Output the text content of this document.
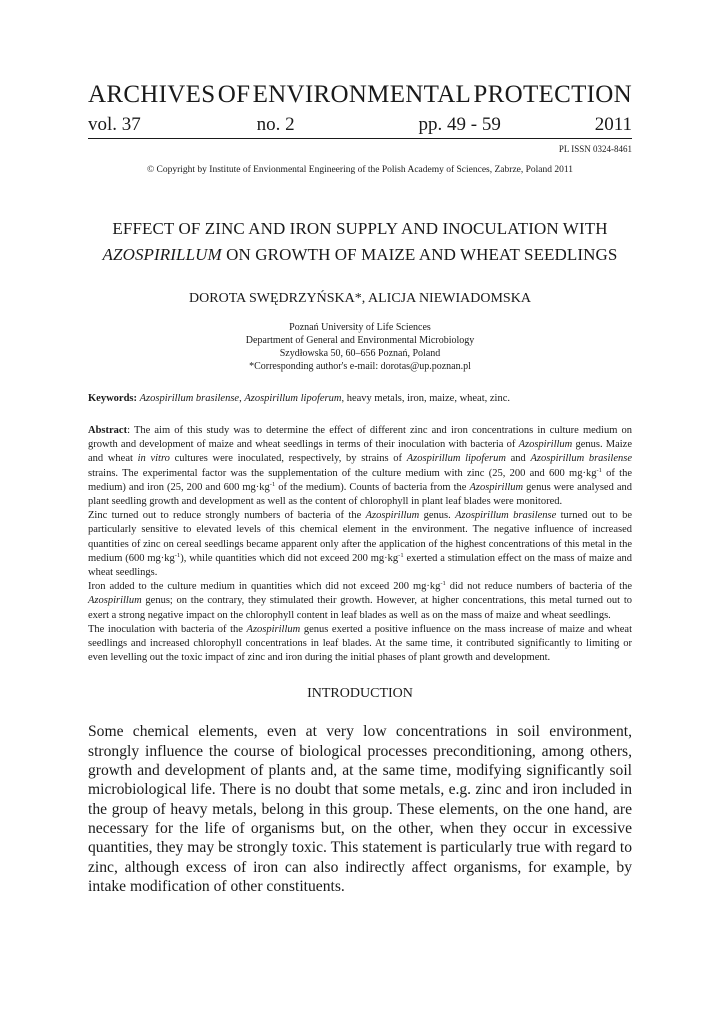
ARCHIVES OF ENVIRONMENTAL PROTECTION
vol. 37	no. 2	pp. 49 - 59	2011
PL ISSN 0324-8461
© Copyright by Institute of Envionmental Engineering of the Polish Academy of Sciences, Zabrze, Poland 2011
EFFECT OF ZINC AND IRON SUPPLY AND INOCULATION WITH
AZOSPIRILLUM ON GROWTH OF MAIZE AND WHEAT SEEDLINGS
DOROTA SWĘDRZYŃSKA*, ALICJA NIEWIADOMSKA
Poznań University of Life Sciences
Department of General and Environmental Microbiology
Szydłowska 50, 60–656 Poznań, Poland
*Corresponding author's e-mail: dorotas@up.poznan.pl
Keywords: Azospirillum brasilense, Azospirillum lipoferum, heavy metals, iron, maize, wheat, zinc.

Abstract: The aim of this study was to determine the effect of different zinc and iron concentrations in culture medium on growth and development of maize and wheat seedlings in terms of their inoculation with bacteria of Azospirillum genus. Maize and wheat in vitro cultures were inoculated, respectively, by strains of Azospirillum lipoferum and Azospirillum brasilense strains. The experimental factor was the supplementation of the culture medium with zinc (25, 200 and 600 $mg\cdot kg^{-1}$ of the medium) and iron (25, 200 and 600 $mg\cdot kg^{-1}$ of the medium). Counts of bacteria from the Azospirillum genus were analysed and plant seedling growth and development as well as the content of chlorophyll in plant leaf blades were monitored.

Zinc turned out to reduce strongly numbers of bacteria of the Azospirillum genus. Azospirillum brasilense turned out to be particularly sensitive to elevated levels of this chemical element in the environment. The negative influence of increased quantities of zinc on cereal seedlings became apparent only after the application of the highest concentrations of this metal in the medium (600 $mg\cdot kg^{-1}$), while quantities which did not exceed 200 $mg\cdot kg^{-1}$ exerted a stimulation effect on the mass of maize and wheat seedlings.

Iron added to the culture medium in quantities which did not exceed 200 $mg\cdot kg^{-1}$ did not reduce numbers of bacteria of the Azospirillum genus; on the contrary, they stimulated their growth. However, at higher concentrations, this metal turned out to exert a strong negative impact on the chlorophyll content in leaf blades as well as on the mass of maize and wheat seedlings.

The inoculation with bacteria of the Azospirillum genus exerted a positive influence on the mass increase of maize and wheat seedlings and increased chlorophyll concentrations in leaf blades. At the same time, it contributed significantly to limiting or even levelling out the toxic impact of zinc and iron during the initial phases of plant growth and development.

INTRODUCTION

Some chemical elements, even at very low concentrations in soil environment, strongly influence the course of biological processes preconditioning, among others, growth and development of plants and, at the same time, modifying significantly soil microbiological life. There is no doubt that some metals, e.g. zinc and iron included in the group of heavy metals, belong in this group. These elements, on the one hand, are necessary for the life of organisms but, on the other, when they occur in excessive quantities, they may be strongly toxic. This statement is particularly true with regard to zinc, although excess of iron can also indirectly affect organisms, for example, by intake modification of other constituents.
